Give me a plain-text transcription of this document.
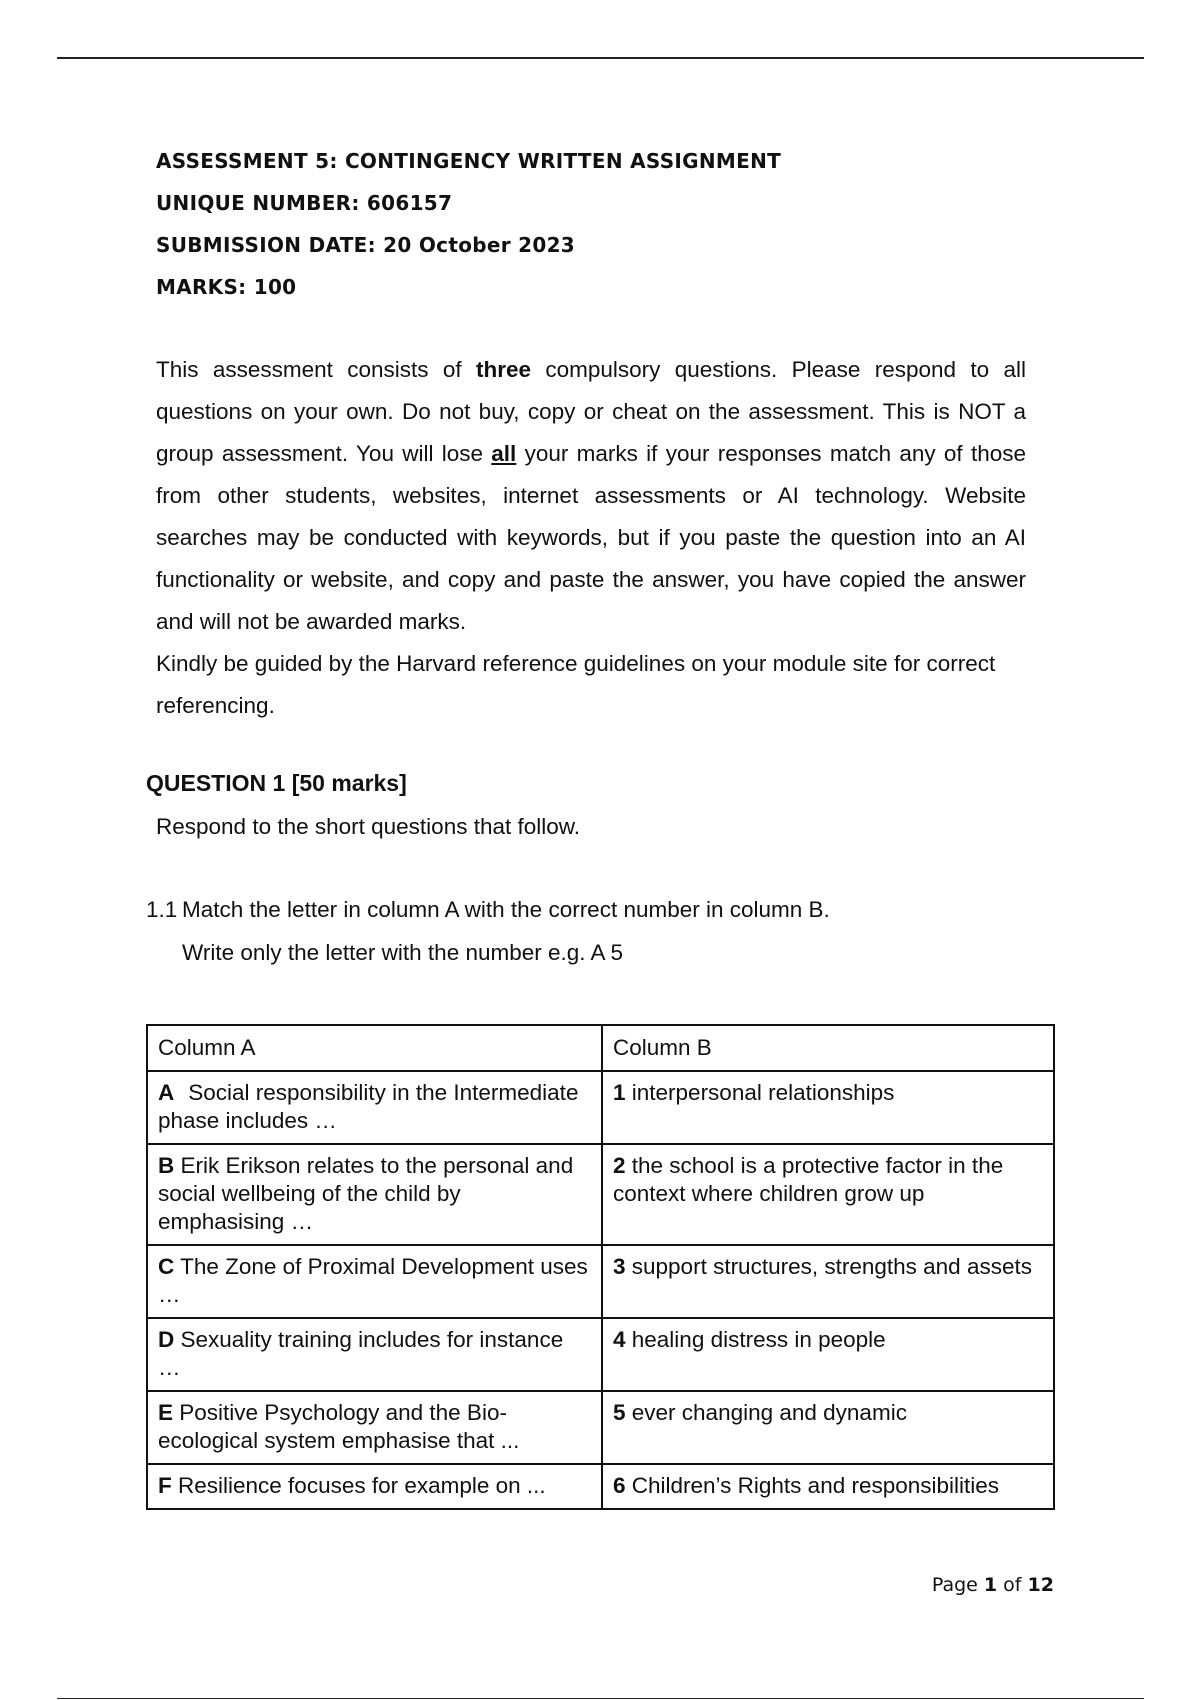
ASSESSMENT 5: CONTINGENCY WRITTEN ASSIGNMENT
UNIQUE NUMBER: 606157
SUBMISSION DATE: 20 October 2023
MARKS: 100

This assessment consists of three compulsory questions. Please respond to all questions on your own. Do not buy, copy or cheat on the assessment. This is NOT a group assessment. You will lose all your marks if your responses match any of those from other students, websites, internet assessments or AI technology. Website searches may be conducted with keywords, but if you paste the question into an AI functionality or website, and copy and paste the answer, you have copied the answer and will not be awarded marks.

Kindly be guided by the Harvard reference guidelines on your module site for correct referencing.

QUESTION 1 [50 marks]
Respond to the short questions that follow.
1.1 Match the letter in column A with the correct number in column B.
Write only the letter with the number e.g. A 5
Column A	Column B
A Social responsibility in the Intermediate phase includes …	1 interpersonal relationships
B Erik Erikson relates to the personal and social wellbeing of the child by emphasising …	2 the school is a protective factor in the context where children grow up
C The Zone of Proximal Development uses …	3 support structures, strengths and assets
D Sexuality training includes for instance …	4 healing distress in people
E Positive Psychology and the Bio-ecological system emphasise that ...	5 ever changing and dynamic
F Resilience focuses for example on ...	6 Children’s Rights and responsibilities
Page 1 of 12
